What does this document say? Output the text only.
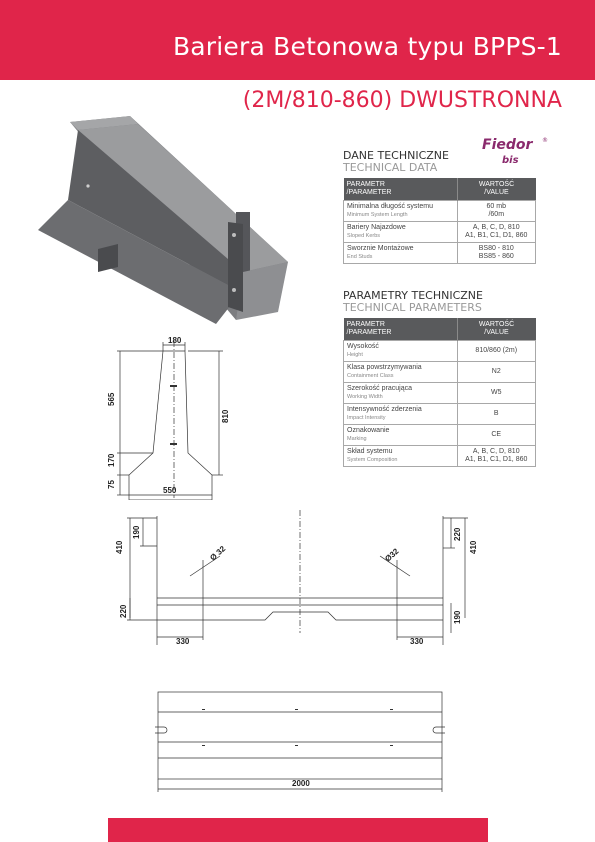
Bariera Betonowa typu BPPS-1
(2M/810-860) DWUSTRONNA
Fiedor
bis
®
DANE TECHNICZNE
TECHNICAL DATA
PARAMETR
/PARAMETER	WARTOŚĆ
/VALUE
Minimalna długość systemu
Minimum System Length	60 mb
/60m
Bariery Najazdowe
Sloped Kerbs	A, B, C, D, 810
A1, B1, C1, D1, 860
Sworznie Montażowe
End Studs	BS80 - 810
BS85 - 860
PARAMETRY TECHNICZNE
TECHNICAL PARAMETERS
PARAMETR
/PARAMETER	WARTOŚĆ
/VALUE
Wysokość
Height	810/860 (2m)
Klasa powstrzymywania
Containment Class	N2
Szerokość pracująca
Working Width	W5
Intensywność zderzenia
Impact Intensity	B
Oznakowanie
Marking	CE
Skład systemu
System Composition	A, B, C, D, 810
A1, B1, C1, D1, 860
180
565
170
75
810
550
410
190
220
220
410
190
Ø 32	Ø32
330	330
2000
